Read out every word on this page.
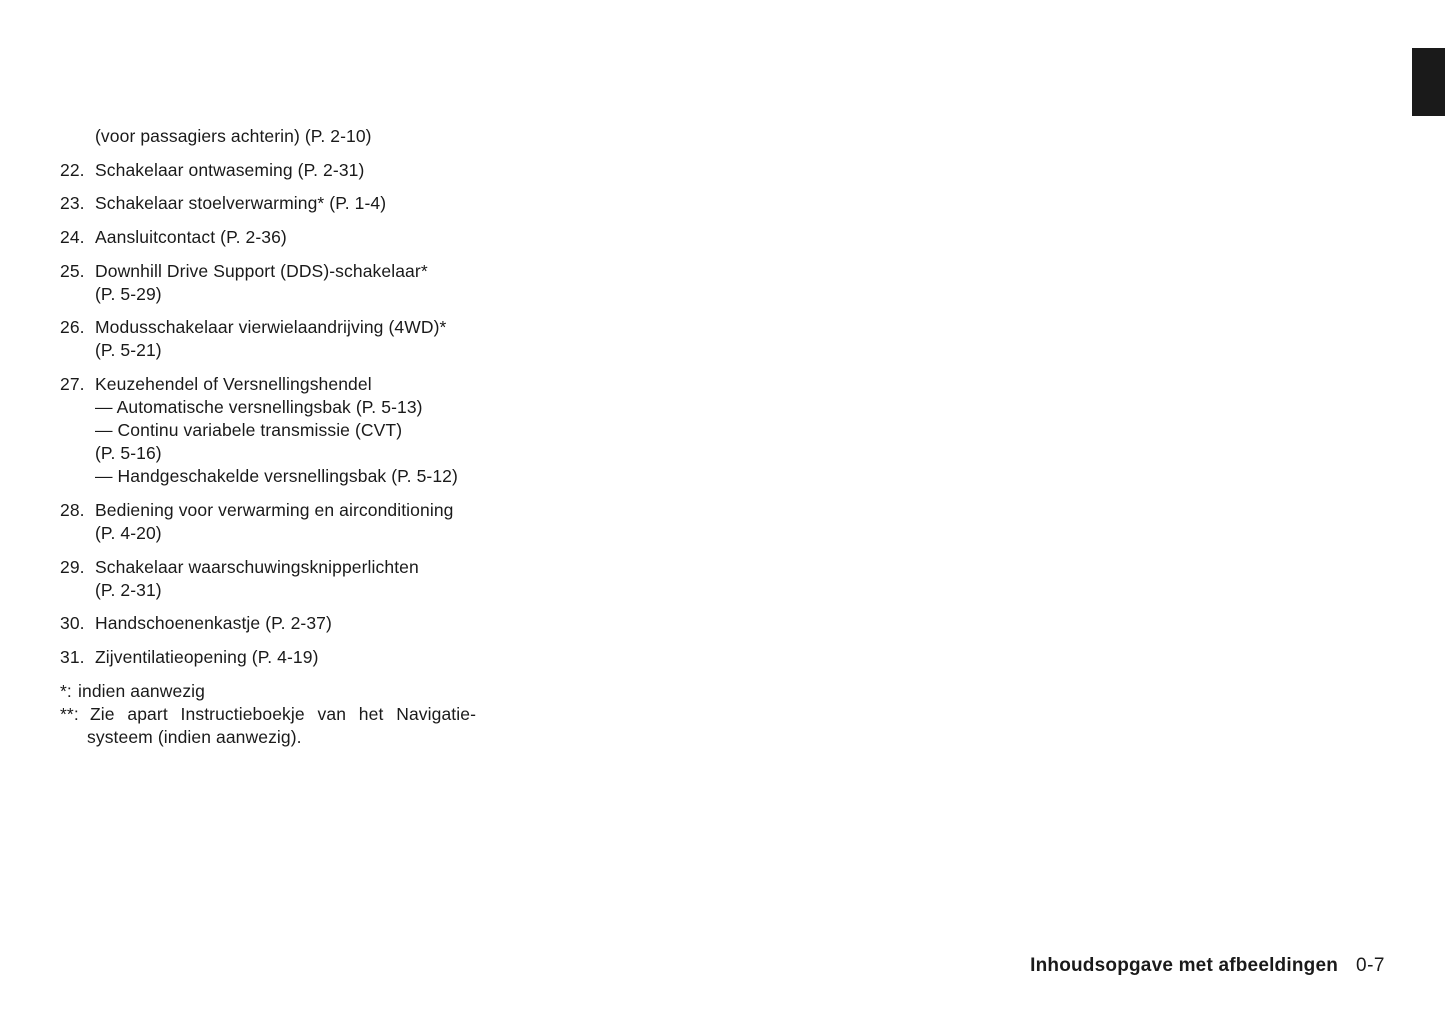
(voor passagiers achterin) (P. 2-10)
22. Schakelaar ontwaseming (P. 2-31)
23. Schakelaar stoelverwarming* (P. 1-4)
24. Aansluitcontact (P. 2-36)
25. Downhill Drive Support (DDS)-schakelaar*
(P. 5-29)
26. Modusschakelaar vierwielaandrijving (4WD)*
(P. 5-21)
27. Keuzehendel of Versnellingshendel
— Automatische versnellingsbak (P. 5-13)
— Continu variabele transmissie (CVT)
(P. 5-16)
— Handgeschakelde versnellingsbak (P. 5-12)
28. Bediening voor verwarming en airconditioning
(P. 4-20)
29. Schakelaar waarschuwingsknipperlichten
(P. 2-31)
30. Handschoenenkastje (P. 2-37)
31. Zijventilatieopening (P. 4-19)
*: indien aanwezig
**: Zie apart Instructieboekje van het Navigatie-
systeem (indien aanwezig).
Inhoudsopgave met afbeeldingen 0-7
